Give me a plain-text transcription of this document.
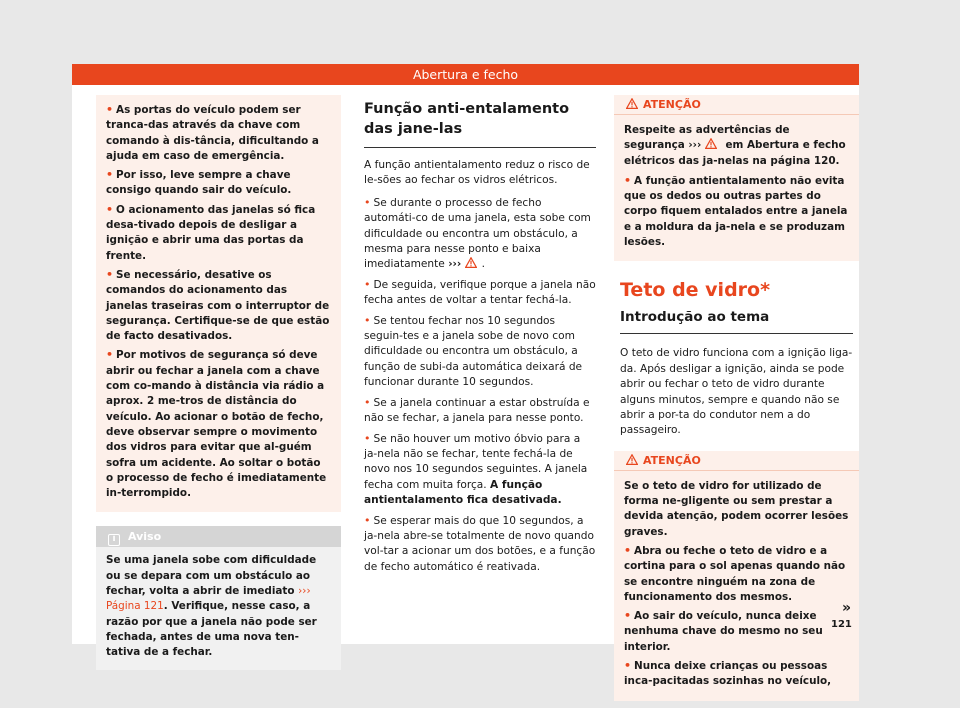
Abertura e fecho
• As portas do veículo podem ser tranca-das através da chave com comando à dis-tância, dificultando a ajuda em caso de emergência.
• Por isso, leve sempre a chave consigo quando sair do veículo.
• O acionamento das janelas só fica desa-tivado depois de desligar a ignição e abrir uma das portas da frente.
• Se necessário, desative os comandos do acionamento das janelas traseiras com o interruptor de segurança. Certifique-se de que estão de facto desativados.
• Por motivos de segurança só deve abrir ou fechar a janela com a chave com co-mando à distância via rádio a aprox. 2 me-tros de distância do veículo. Ao acionar o botão de fecho, deve observar sempre o movimento dos vidros para evitar que al-guém sofra um acidente. Ao soltar o botão o processo de fecho é imediatamente in-terrompido.
i Aviso

Se uma janela sobe com dificuldade ou se depara com um obstáculo ao fechar, volta a abrir de imediato ››› Página 121. Verifique, nesse caso, a razão por que a janela não pode ser fechada, antes de uma nova ten-tativa de a fechar.

Função anti-entalamento das jane-las

A função antientalamento reduz o risco de le-sões ao fechar os vidros elétricos.

• Se durante o processo de fecho automáti-co de uma janela, esta sobe com dificuldade ou encontra um obstáculo, a mesma para nesse ponto e baixa imediatamente ››› .
• De seguida, verifique porque a janela não fecha antes de voltar a tentar fechá-la.
• Se tentou fechar nos 10 segundos seguin-tes e a janela sobe de novo com dificuldade ou encontra um obstáculo, a função de subi-da automática deixará de funcionar durante 10 segundos.
• Se a janela continuar a estar obstruída e não se fechar, a janela para nesse ponto.
• Se não houver um motivo óbvio para a ja-nela não se fechar, tente fechá-la de novo nos 10 segundos seguintes. A janela fecha com muita força. A função antientalamento fica desativada.
• Se esperar mais do que 10 segundos, a ja-nela abre-se totalmente de novo quando vol-tar a acionar um dos botões, e a função de fecho automático é reativada.
ATENÇÃO

Respeite as advertências de segurança ›››  em Abertura e fecho elétricos das ja-nelas na página 120.

• A função antientalamento não evita que os dedos ou outras partes do corpo fiquem entalados entre a janela e a moldura da ja-nela e se produzam lesões.
Teto de vidro*
Introdução ao tema

O teto de vidro funciona com a ignição liga-da. Após desligar a ignição, ainda se pode abrir ou fechar o teto de vidro durante alguns minutos, sempre e quando não se abrir a por-ta do condutor nem a do passageiro.

ATENÇÃO

Se o teto de vidro for utilizado de forma ne-gligente ou sem prestar a devida atenção, podem ocorrer lesões graves.

• Abra ou feche o teto de vidro e a cortina para o sol apenas quando não se encontre ninguém na zona de funcionamento dos mesmos.
• Ao sair do veículo, nunca deixe nenhuma chave do mesmo no seu interior.
• Nunca deixe crianças ou pessoas inca-pacitadas sozinhas no veículo,
»
121
